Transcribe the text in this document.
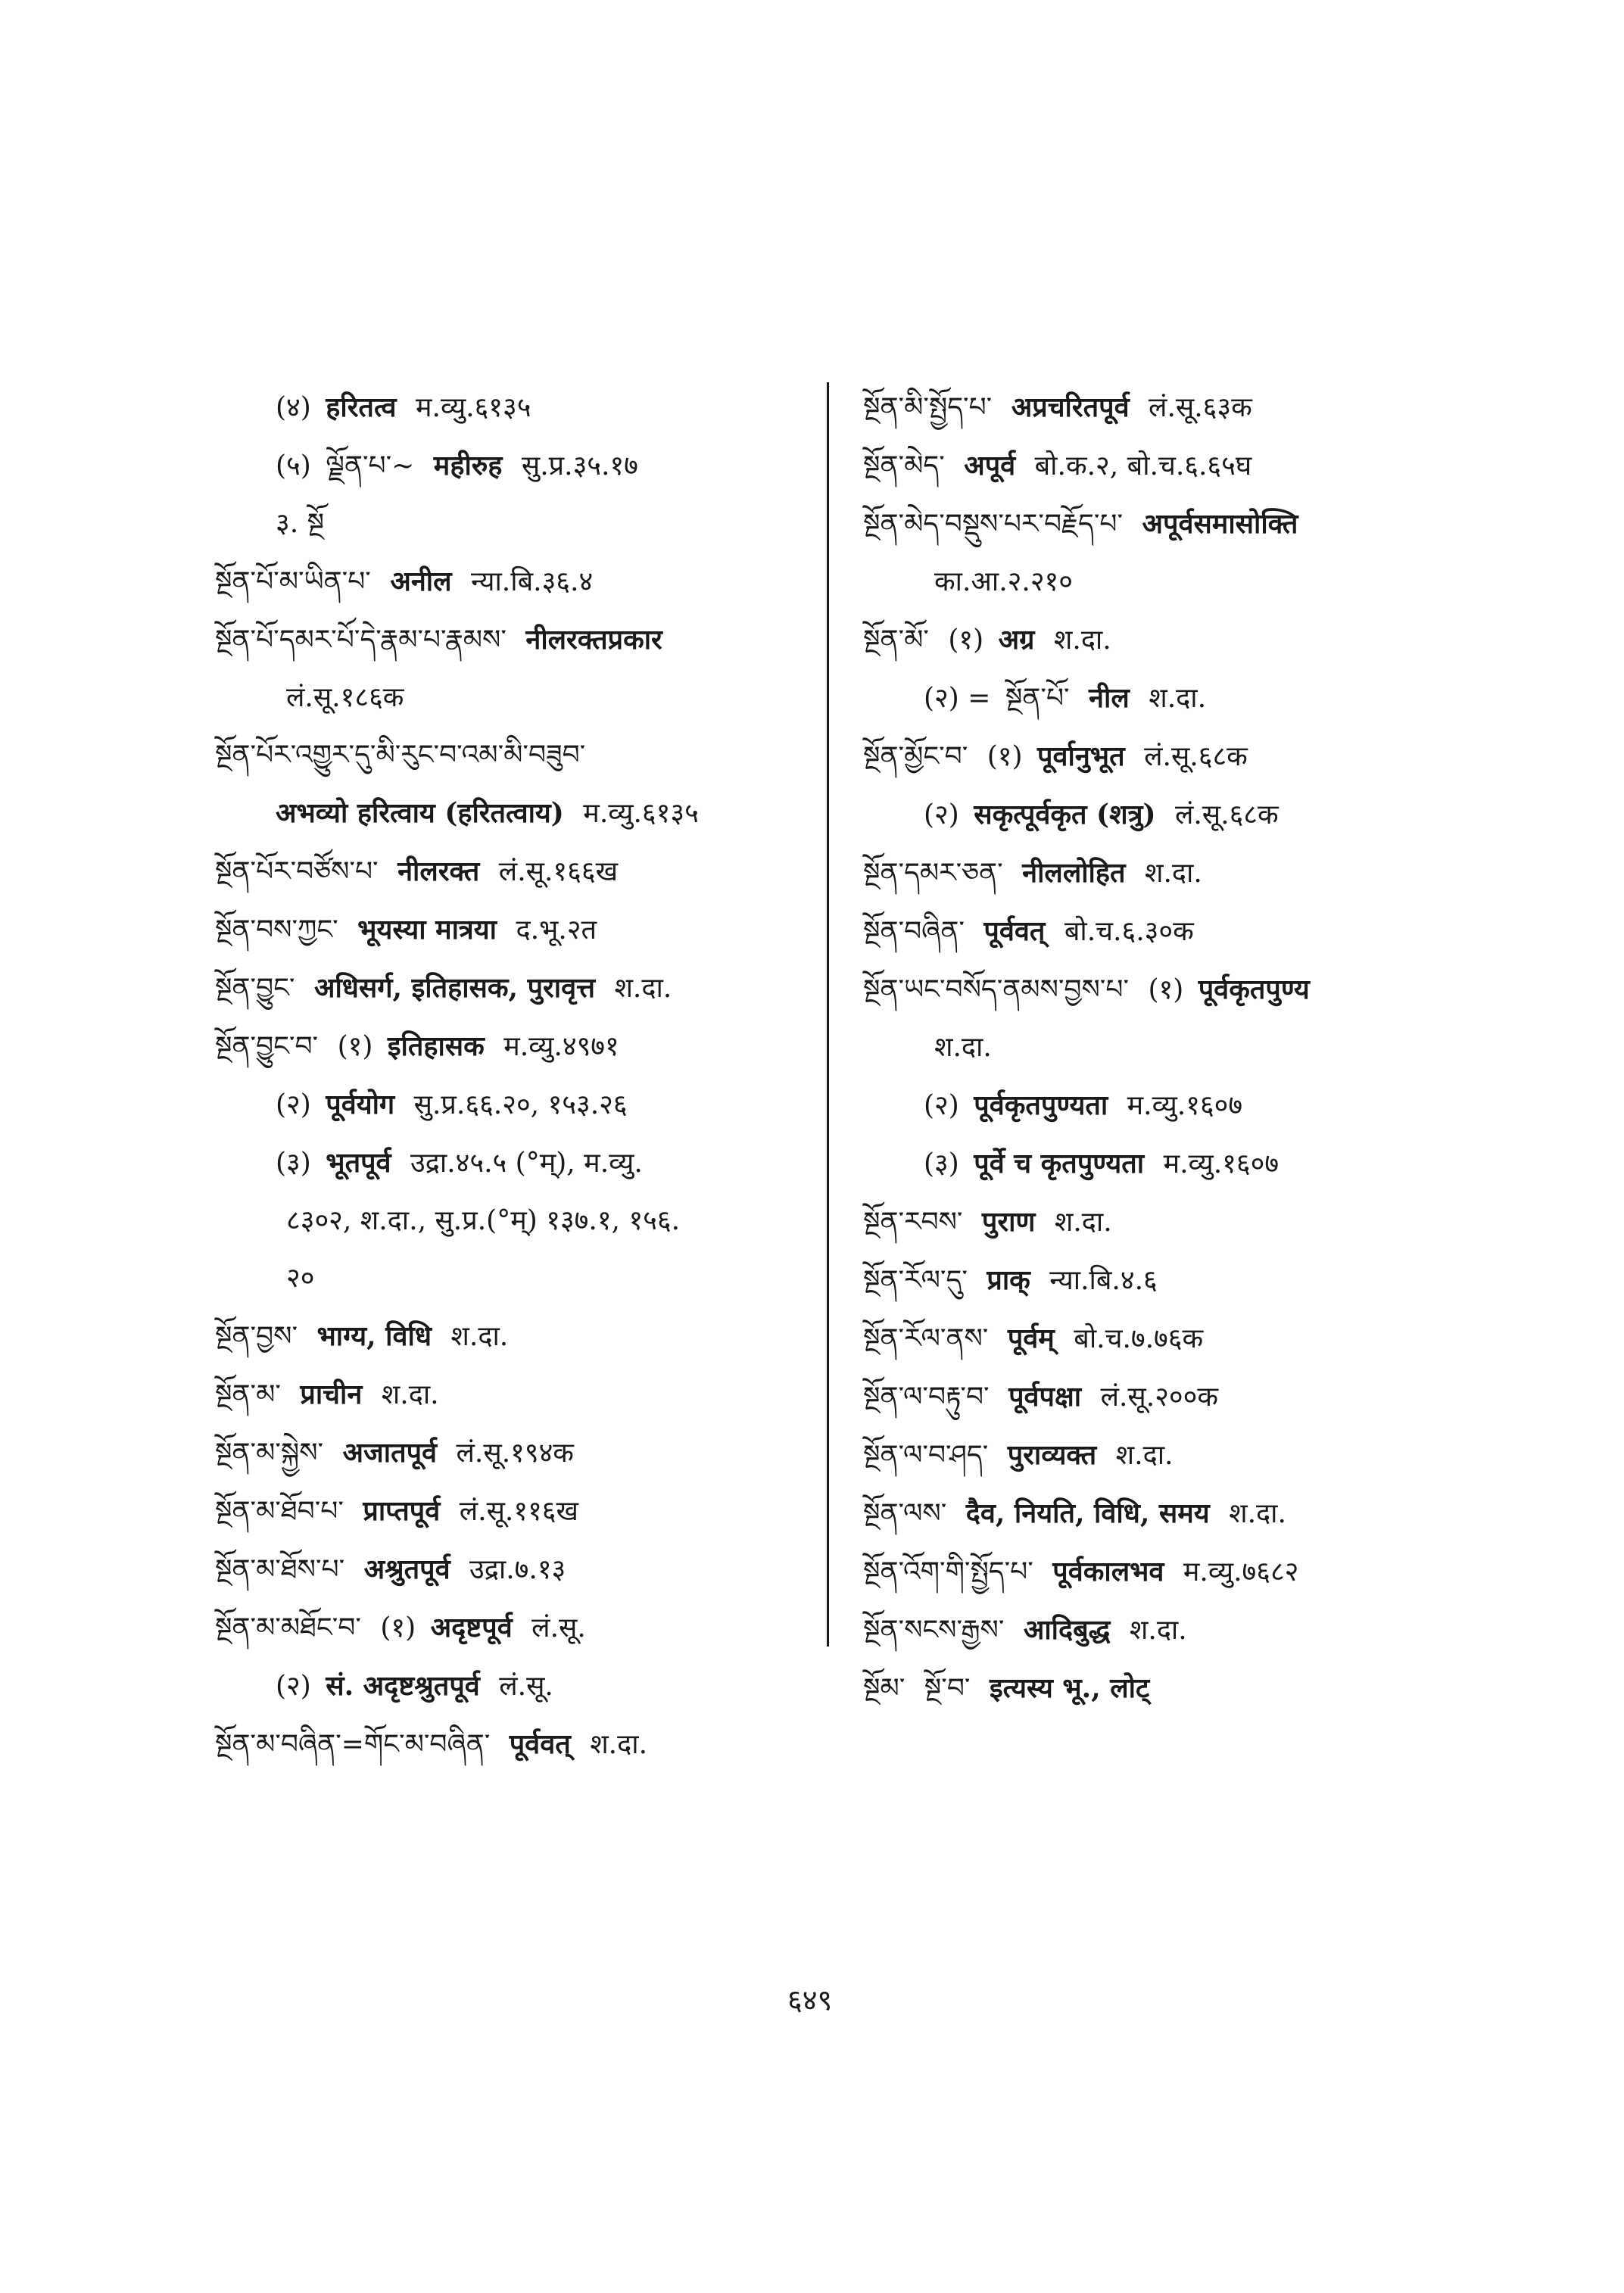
(४) हरितत्व म.व्यु.६१३५
(५) ལྗོན་པ་~ महीरुह सु.प्र.३५.१७
३. སྔོ
སྔོན་པོ་མ་ཡིན་པ་ अनील न्या.बि.३६.४
སྔོན་པོ་དམར་པོ་དེ་རྣམ་པ་རྣམས་ नीलरक्तप्रकार
लं.सू.१८६क
སྔོན་པོར་འགྱུར་དུ་མི་རུང་བ་འམ་མི་བཟུབ་
अभव्यो हरित्वाय (हरितत्वाय) म.व्यु.६१३५
སྔོན་པོར་བཙོས་པ་ नीलरक्त लं.सू.१६६ख
སྔོན་བས་ཀྱང་ भूयस्या मात्रया द.भू.२त
སྔོན་བྱུང་ अधिसर्ग, इतिहासक, पुरावृत्त श.दा.
སྔོན་བྱུང་བ་ (१) इतिहासक म.व्यु.४९७१
(२) पूर्वयोग सु.प्र.६६.२०, १५३.२६
(३) भूतपूर्व उद्रा.४५.५ (°म्), म.व्यु.
८३०२, श.दा., सु.प्र.(°म्) १३७.१, १५६.
२०
སྔོན་བྱས་ भाग्य, विधि श.दा.
སྔོན་མ་ प्राचीन श.दा.
སྔོན་མ་སྐྱེས་ अजातपूर्व लं.सू.१९४क
སྔོན་མ་ཐོབ་པ་ प्राप्तपूर्व लं.सू.११६ख
སྔོན་མ་ཐོས་པ་ अश्रुतपूर्व उद्रा.७.१३
སྔོན་མ་མཐོང་བ་ (१) अदृष्टपूर्व लं.सू.
(२) सं. अदृष्टश्रुतपूर्व लं.सू.
སྔོན་མ་བཞིན་=གོང་མ་བཞིན་ पूर्ववत् श.दा.
སྔོན་མི་སྤྱོད་པ་ अप्रचरितपूर्व लं.सू.६३क
སྔོན་མེད་ अपूर्व बो.क.२, बो.च.६.६५घ
སྔོན་མེད་བསྡུས་པར་བརྗོད་པ་ अपूर्वसमासोक्ति
का.आ.२.२१०
སྔོན་མོ་ (१) अग्र श.दा.
(२) = སྔོན་པོ་ नील श.दा.
སྔོན་མྱོང་བ་ (१) पूर्वानुभूत लं.सू.६८क
(२) सकृत्पूर्वकृत (शत्रु) लं.सू.६८क
སྔོན་དམར་ཅན་ नीललोहित श.दा.
སྔོན་བཞིན་ पूर्ववत् बो.च.६.३०क
སྔོན་ཡང་བསོད་ནམས་བྱས་པ་ (१) पूर्वकृतपुण्य
श.दा.
(२) पूर्वकृतपुण्यता म.व्यु.१६०७
(३) पूर्वे च कृतपुण्यता म.व्यु.१६०७
སྔོན་རབས་ पुराण श.दा.
སྔོན་རོལ་དུ་ प्राक् न्या.बि.४.६
སྔོན་རོལ་ནས་ पूर्वम् बो.च.७.७६क
སྔོན་ལ་བརྟུ་བ་ पूर्वपक्षा लं.सू.२००क
སྔོན་ལ་བ་ཤད་ पुराव्यक्त श.दा.
སྔོན་ལས་ दैव, नियति, विधि, समय श.दा.
སྔོན་འོག་གི་སྤྱོད་པ་ पूर्वकालभव म.व्यु.७६८२
སྔོན་སངས་རྒྱས་ आदिबुद्ध श.दा.
སྔོམ་ སྔོ་བ་ इत्यस्य भू., लोट्
६४९
